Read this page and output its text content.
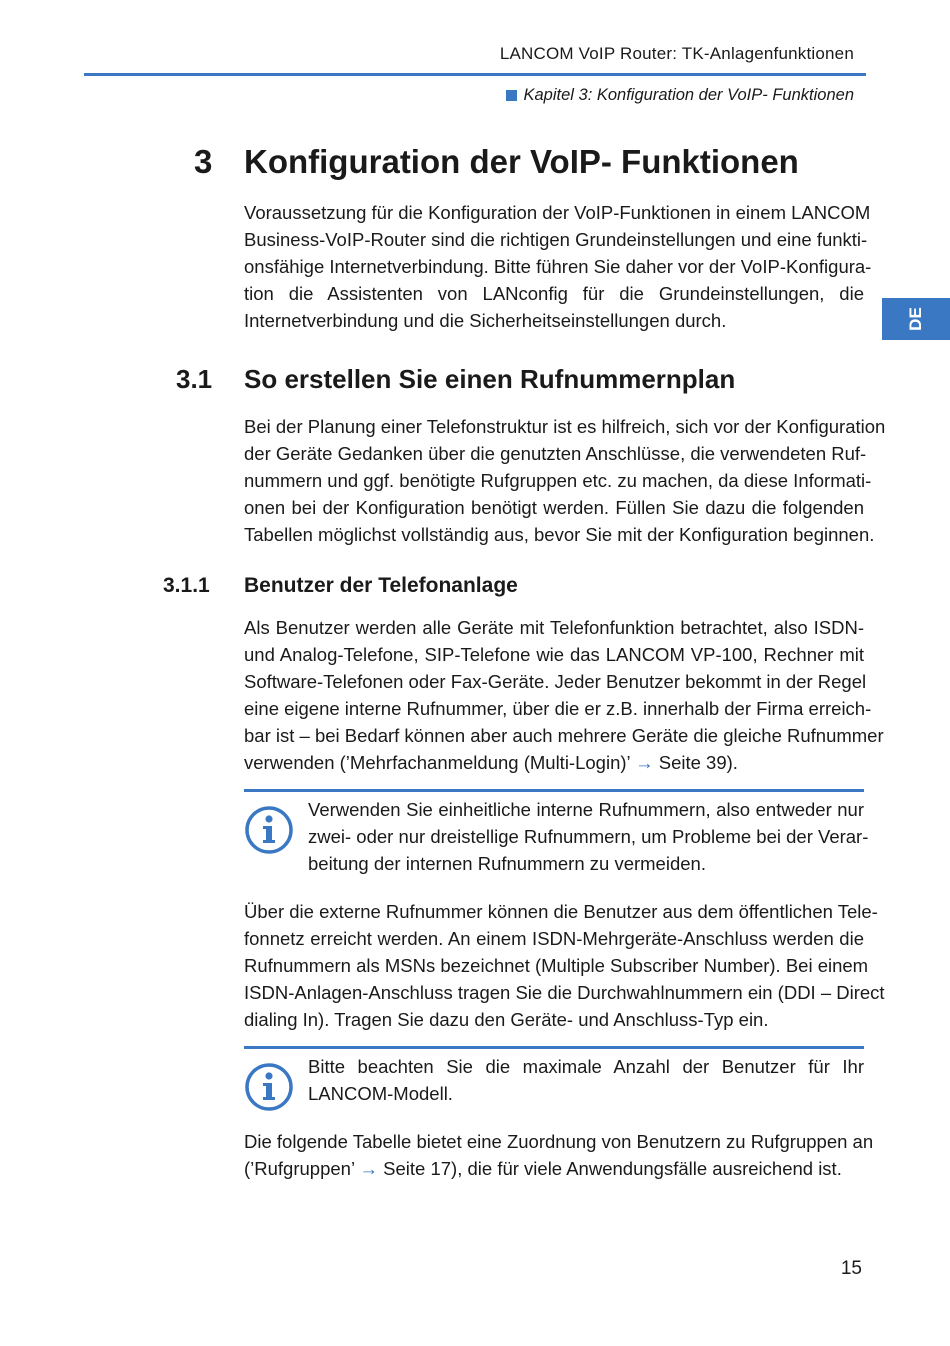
LANCOM VoIP Router: TK-Anlagenfunktionen
Kapitel 3: Konfiguration der VoIP- Funktionen
DE
3 Konfiguration der VoIP- Funktionen
Voraussetzung für die Konfiguration der VoIP-Funktionen in einem LANCOM
Business-VoIP-Router sind die richtigen Grundeinstellungen und eine funkti-
onsfähige Internetverbindung. Bitte führen Sie daher vor der VoIP-Konfigura-
tion die Assistenten von LANconfig für die Grundeinstellungen, die
Internetverbindung und die Sicherheitseinstellungen durch.
3.1 So erstellen Sie einen Rufnummernplan
Bei der Planung einer Telefonstruktur ist es hilfreich, sich vor der Konfiguration
der Geräte Gedanken über die genutzten Anschlüsse, die verwendeten Ruf-
nummern und ggf. benötigte Rufgruppen etc. zu machen, da diese Informati-
onen bei der Konfiguration benötigt werden. Füllen Sie dazu die folgenden
Tabellen möglichst vollständig aus, bevor Sie mit der Konfiguration beginnen.
3.1.1 Benutzer der Telefonanlage
Als Benutzer werden alle Geräte mit Telefonfunktion betrachtet, also ISDN-
und Analog-Telefone, SIP-Telefone wie das LANCOM VP-100, Rechner mit
Software-Telefonen oder Fax-Geräte. Jeder Benutzer bekommt in der Regel
eine eigene interne Rufnummer, über die er z.B. innerhalb der Firma erreich-
bar ist – bei Bedarf können aber auch mehrere Geräte die gleiche Rufnummer
verwenden (’Mehrfachanmeldung (Multi-Login)’ → Seite 39).
Verwenden Sie einheitliche interne Rufnummern, also entweder nur
zwei- oder nur dreistellige Rufnummern, um Probleme bei der Verar-
beitung der internen Rufnummern zu vermeiden.
Über die externe Rufnummer können die Benutzer aus dem öffentlichen Tele-
fonnetz erreicht werden. An einem ISDN-Mehrgeräte-Anschluss werden die
Rufnummern als MSNs bezeichnet (Multiple Subscriber Number). Bei einem
ISDN-Anlagen-Anschluss tragen Sie die Durchwahlnummern ein (DDI – Direct
dialing In). Tragen Sie dazu den Geräte- und Anschluss-Typ ein.
Bitte beachten Sie die maximale Anzahl der Benutzer für Ihr
LANCOM-Modell.
Die folgende Tabelle bietet eine Zuordnung von Benutzern zu Rufgruppen an
(’Rufgruppen’ → Seite 17), die für viele Anwendungsfälle ausreichend ist.
15
